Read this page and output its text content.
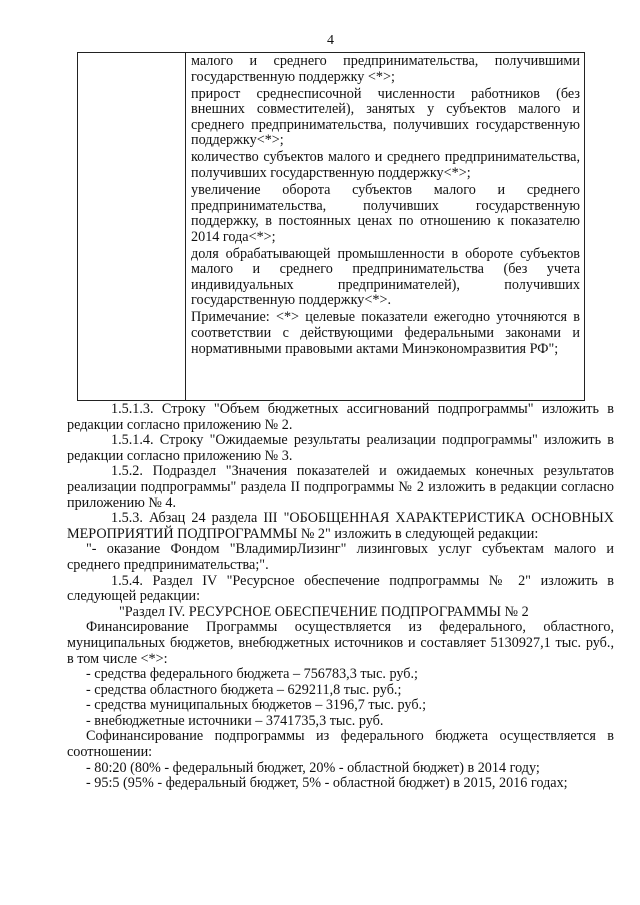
4

малого и среднего предпринимательства, получившими государственную поддержку <*>;

прирост среднесписочной численности работников (без внешних совместителей), занятых у субъектов малого и среднего предпринимательства, получивших государственную поддержку<*>;

количество субъектов малого и среднего предпринимательства, получивших государственную поддержку<*>;

увеличение оборота субъектов малого и среднего предпринимательства, получивших государственную поддержку, в постоянных ценах по отношению к показателю 2014 года<*>;

доля обрабатывающей промышленности в обороте субъектов малого и среднего предпринимательства (без учета индивидуальных предпринимателей), получивших государственную поддержку<*>.

Примечание: <*> целевые показатели ежегодно уточняются в соответствии с действующими федеральными законами и нормативными правовыми актами Минэкономразвития РФ";

1.5.1.3. Строку "Объем бюджетных ассигнований подпрограммы" изложить в редакции согласно приложению № 2.

1.5.1.4. Строку "Ожидаемые результаты реализации подпрограммы" изложить в редакции согласно приложению № 3.

1.5.2. Подраздел "Значения показателей и ожидаемых конечных результатов реализации подпрограммы" раздела II подпрограммы № 2 изложить в редакции согласно приложению № 4.

1.5.3. Абзац 24 раздела III "ОБОБЩЕННАЯ ХАРАКТЕРИСТИКА ОСНОВНЫХ МЕРОПРИЯТИЙ ПОДПРОГРАММЫ № 2" изложить в следующей редакции:

"- оказание Фондом "ВладимирЛизинг" лизинговых услуг субъектам малого и среднего предпринимательства;".

1.5.4. Раздел IV "Ресурсное обеспечение подпрограммы № 2" изложить в следующей редакции:

"Раздел IV. РЕСУРСНОЕ ОБЕСПЕЧЕНИЕ ПОДПРОГРАММЫ № 2

Финансирование Программы осуществляется из федерального, областного, муниципальных бюджетов, внебюджетных источников и составляет 5130927,1 тыс. руб., в том числе <*>:

- средства федерального бюджета – 756783,3 тыс. руб.;

- средства областного бюджета – 629211,8 тыс. руб.;

- средства муниципальных бюджетов – 3196,7 тыс. руб.;

- внебюджетные источники – 3741735,3 тыс. руб.

Софинансирование подпрограммы из федерального бюджета осуществляется в соотношении:

- 80:20 (80% - федеральный бюджет, 20% - областной бюджет) в 2014 году;

- 95:5 (95% - федеральный бюджет, 5% - областной бюджет) в 2015, 2016 годах;
